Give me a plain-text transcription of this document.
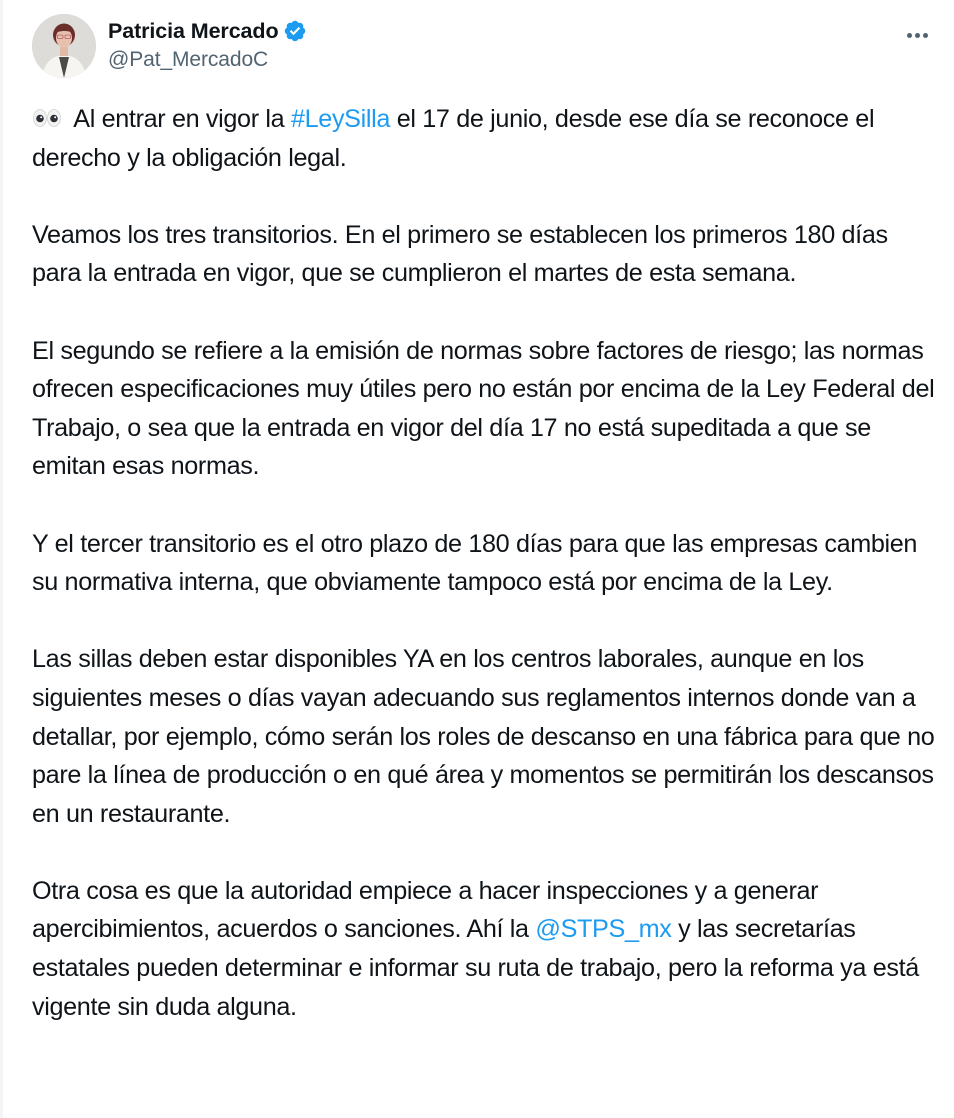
Patricia Mercado
@Pat_MercadoC

Al entrar en vigor la #LeySilla el 17 de junio, desde ese día se reconoce el derecho y la obligación legal.

Veamos los tres transitorios. En el primero se establecen los primeros 180 días para la entrada en vigor, que se cumplieron el martes de esta semana.

El segundo se refiere a la emisión de normas sobre factores de riesgo; las normas ofrecen especificaciones muy útiles pero no están por encima de la Ley Federal del Trabajo, o sea que la entrada en vigor del día 17 no está supeditada a que se emitan esas normas.

Y el tercer transitorio es el otro plazo de 180 días para que las empresas cambien su normativa interna, que obviamente tampoco está por encima de la Ley.

Las sillas deben estar disponibles YA en los centros laborales, aunque en los siguientes meses o días vayan adecuando sus reglamentos internos donde van a detallar, por ejemplo, cómo serán los roles de descanso en una fábrica para que no pare la línea de producción o en qué área y momentos se permitirán los descansos en un restaurante.

Otra cosa es que la autoridad empiece a hacer inspecciones y a generar apercibimientos, acuerdos o sanciones. Ahí la @STPS_mx y las secretarías estatales pueden determinar e informar su ruta de trabajo, pero la reforma ya está vigente sin duda alguna.
